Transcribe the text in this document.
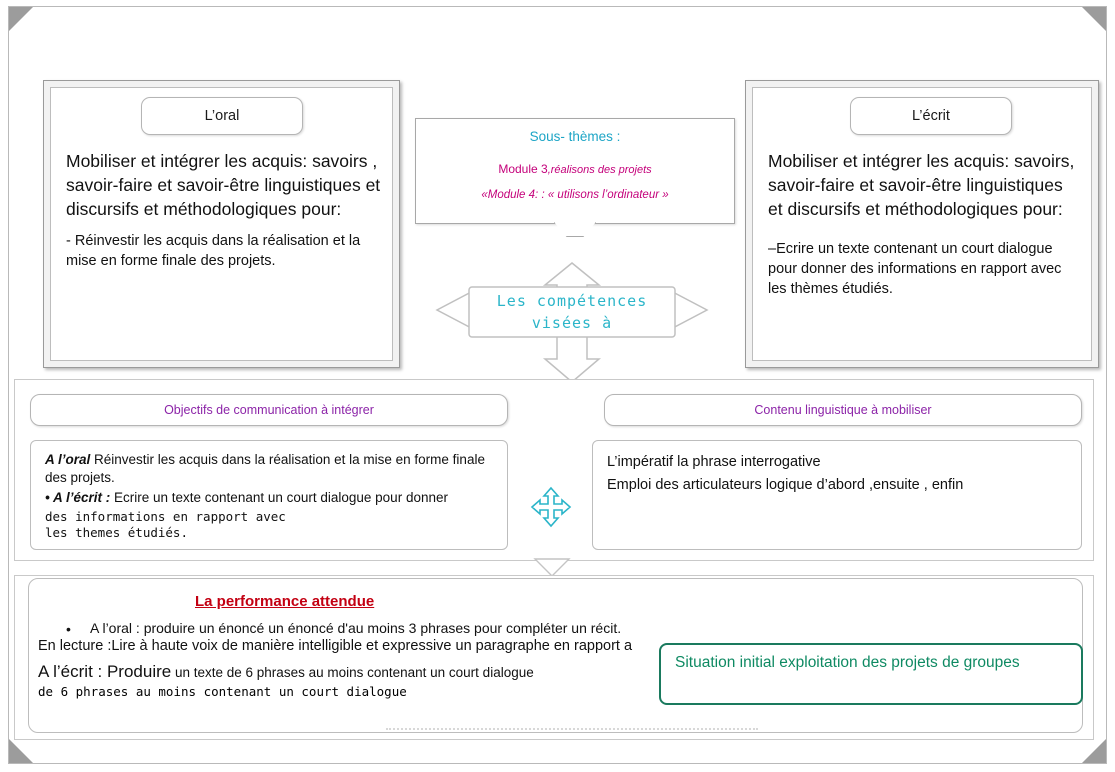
L’oral
Mobiliser et intégrer les acquis: savoirs , savoir-faire et savoir-être linguistiques et discursifs et méthodologiques pour:
- Réinvestir les acquis dans la réalisation et la mise en forme finale des projets.
L’écrit
Mobiliser et intégrer les acquis: savoirs, savoir-faire et savoir-être linguistiques et discursifs et méthodologiques pour:
–Ecrire un texte contenant un court dialogue pour donner des informations en rapport avec les thèmes étudiés.
Sous- thèmes :
Module 3,réalisons des projets
«Module 4: : « utilisons l’ordinateur »
Les compétences
visées à
Objectifs de communication à intégrer	Contenu linguistique à mobiliser
A l’oral Réinvestir les acquis dans la réalisation et la mise en forme finale des projets.
• A l’écrit : Ecrire un texte contenant un court dialogue pour donner
des informations en rapport avec
les themes étudiés.
L’impératif la phrase interrogative
Emploi des articulateurs logique d’abord ,ensuite , enfin
La performance attendue
• A l’oral : produire un énoncé un énoncé d'au moins 3 phrases pour compléter un récit.
En lecture :Lire à haute voix de manière intelligible et expressive un paragraphe en rapport a
A l’écrit : Produire un texte de 6 phrases au moins contenant un court dialogue
de 6 phrases au moins contenant un court dialogue
Situation initial exploitation des projets de groupes
